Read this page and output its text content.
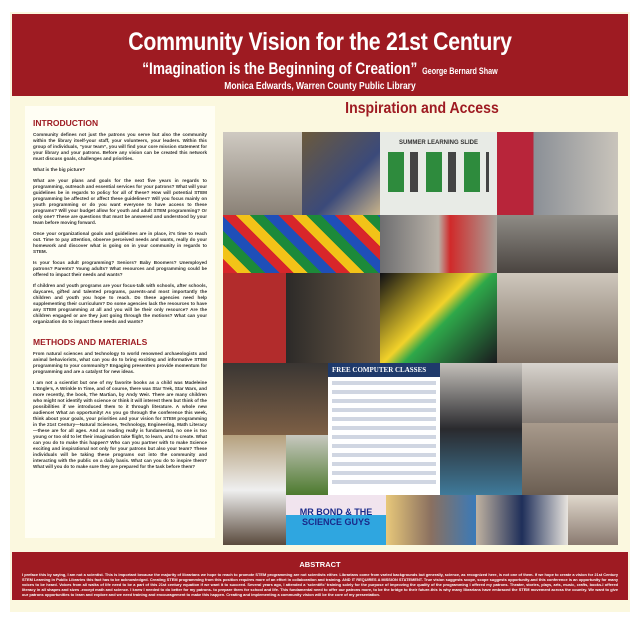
Community Vision for the 21st Century
“Imagination is the Beginning of Creation” George Bernard Shaw
Monica Edwards, Warren County Public Library
INTRODUCTION

Community defines not just the patrons you serve but also the community within the library itself-your staff, your volunteers, your leaders. Within this group of individuals, “your team”, you will find your core mission statement for your library and your patrons. Before any vision can be created this network must discuss goals, challenges and priorities.

What is the big picture?

What are your plans and goals for the next five years in regards to programming, outreach and essential services for your patrons? What will your guidelines be in regards to policy for all of these? How will potential STEM programming be affected or affect these guidelines? Will you focus mainly on youth programming or do you want everyone to have access to these programs? Will your budget allow for youth and adult STEM programming? Or only one? These are questions that must be answered and understood by your team before moving forward.

Once your organizational goals and guidelines are in place, it’s time to reach out. Time to pay attention, observe perceived needs and wants, really do your homework and discover what is going on in your community in regards to STEM.

Is your focus adult programming? Seniors? Baby Boomers? Unemployed patrons? Parents? Young adults? What resources and programming could be offered to impact their needs and wants?

If children and youth programs are your focus-talk with schools, after schools, daycares, gifted and talented programs, parents-and most importantly the children and youth you hope to reach. Do these agencies need help supplementing their curriculum? Do some agencies lack the resources to have any STEM programming at all and you will be their only resource? Are the children engaged or are they just going through the motions? What can your organization do to impact these needs and wants?

METHODS AND MATERIALS

From natural sciences and technology to world renowned archaeologists and animal behaviorists, what can you do to bring exciting and informative STEM programming to your community? Engaging presenters provide momentum for programming and are a catalyst for new ideas.

I am not a scientist but one of my favorite books as a child was Madeleine L’Engle’s, A Wrinkle In Time, and of course, there was Star Trek, Star Wars, and more recently, the book, The Martian, by Andy Weir. There are many children who might not identify with science or think it will interest them but think of the possibilities if we introduced them to it through literature. A whole new audience! What an opportunity! As you go through the conference this week, think about your goals, your priorities and your vision for STEM programming in the 21st Century—Natural Sciences, Technology, Engineering, Math Literacy—these are for all ages. And as reading really is fundamental, no one is too young or too old to let their imagination take flight, to learn, and to create. What can you do to make this happen? Who can you partner with to make Science exciting and inspirational not only for your patrons but also your team? These individuals will be taking these programs out into the community and interacting with the public on a daily basis. What can you do to inspire them? What will you do to make sure they are prepared for the task before them?

Inspiration and Access
SUMMER LEARNING SLIDE
FREE COMPUTER CLASSES
MR BOND & THE SCIENCE GUYS
ABSTRACT
I preface this by saying, I am not a scientist. This is important because the majority of librarians we hope to reach to promote STEM programming are not scientists either. Librarians come from varied backgrounds but generally, science, as recognized here, is not one of them. If we hope to create a vision for 21st Century STEM Learning in Public Libraries this fact has to be acknowledged. Creating STEM programming from this position requires more of an effort in collaboration and training. AND IT REQUIRES A MISSION STATEMENT. True vision suggests scope, scope suggests opportunity-and this conference is an opportunity for many voices to be heard. Voices from all walks of life need to be a part of this 21st century equation if we want it to succeed. Several years ago, I attended a ‘scientific’ training solely for the purpose of improving the quality of the programming I offered my patrons. Theater, stories, plays, arts, music, crafts, books-I offered literacy in all shapes and sizes -except math and science. I knew I needed to do better for my patrons- to prepare them for school and life. This fundamental need to offer our patrons more, to be the bridge to their future-this is why many librarians have embraced the STEM movement across the country. We want to give our patrons opportunities to learn and explore and we need training and encouragement to make this happen. Creating and implementing a community vision will be the core of my presentation.
